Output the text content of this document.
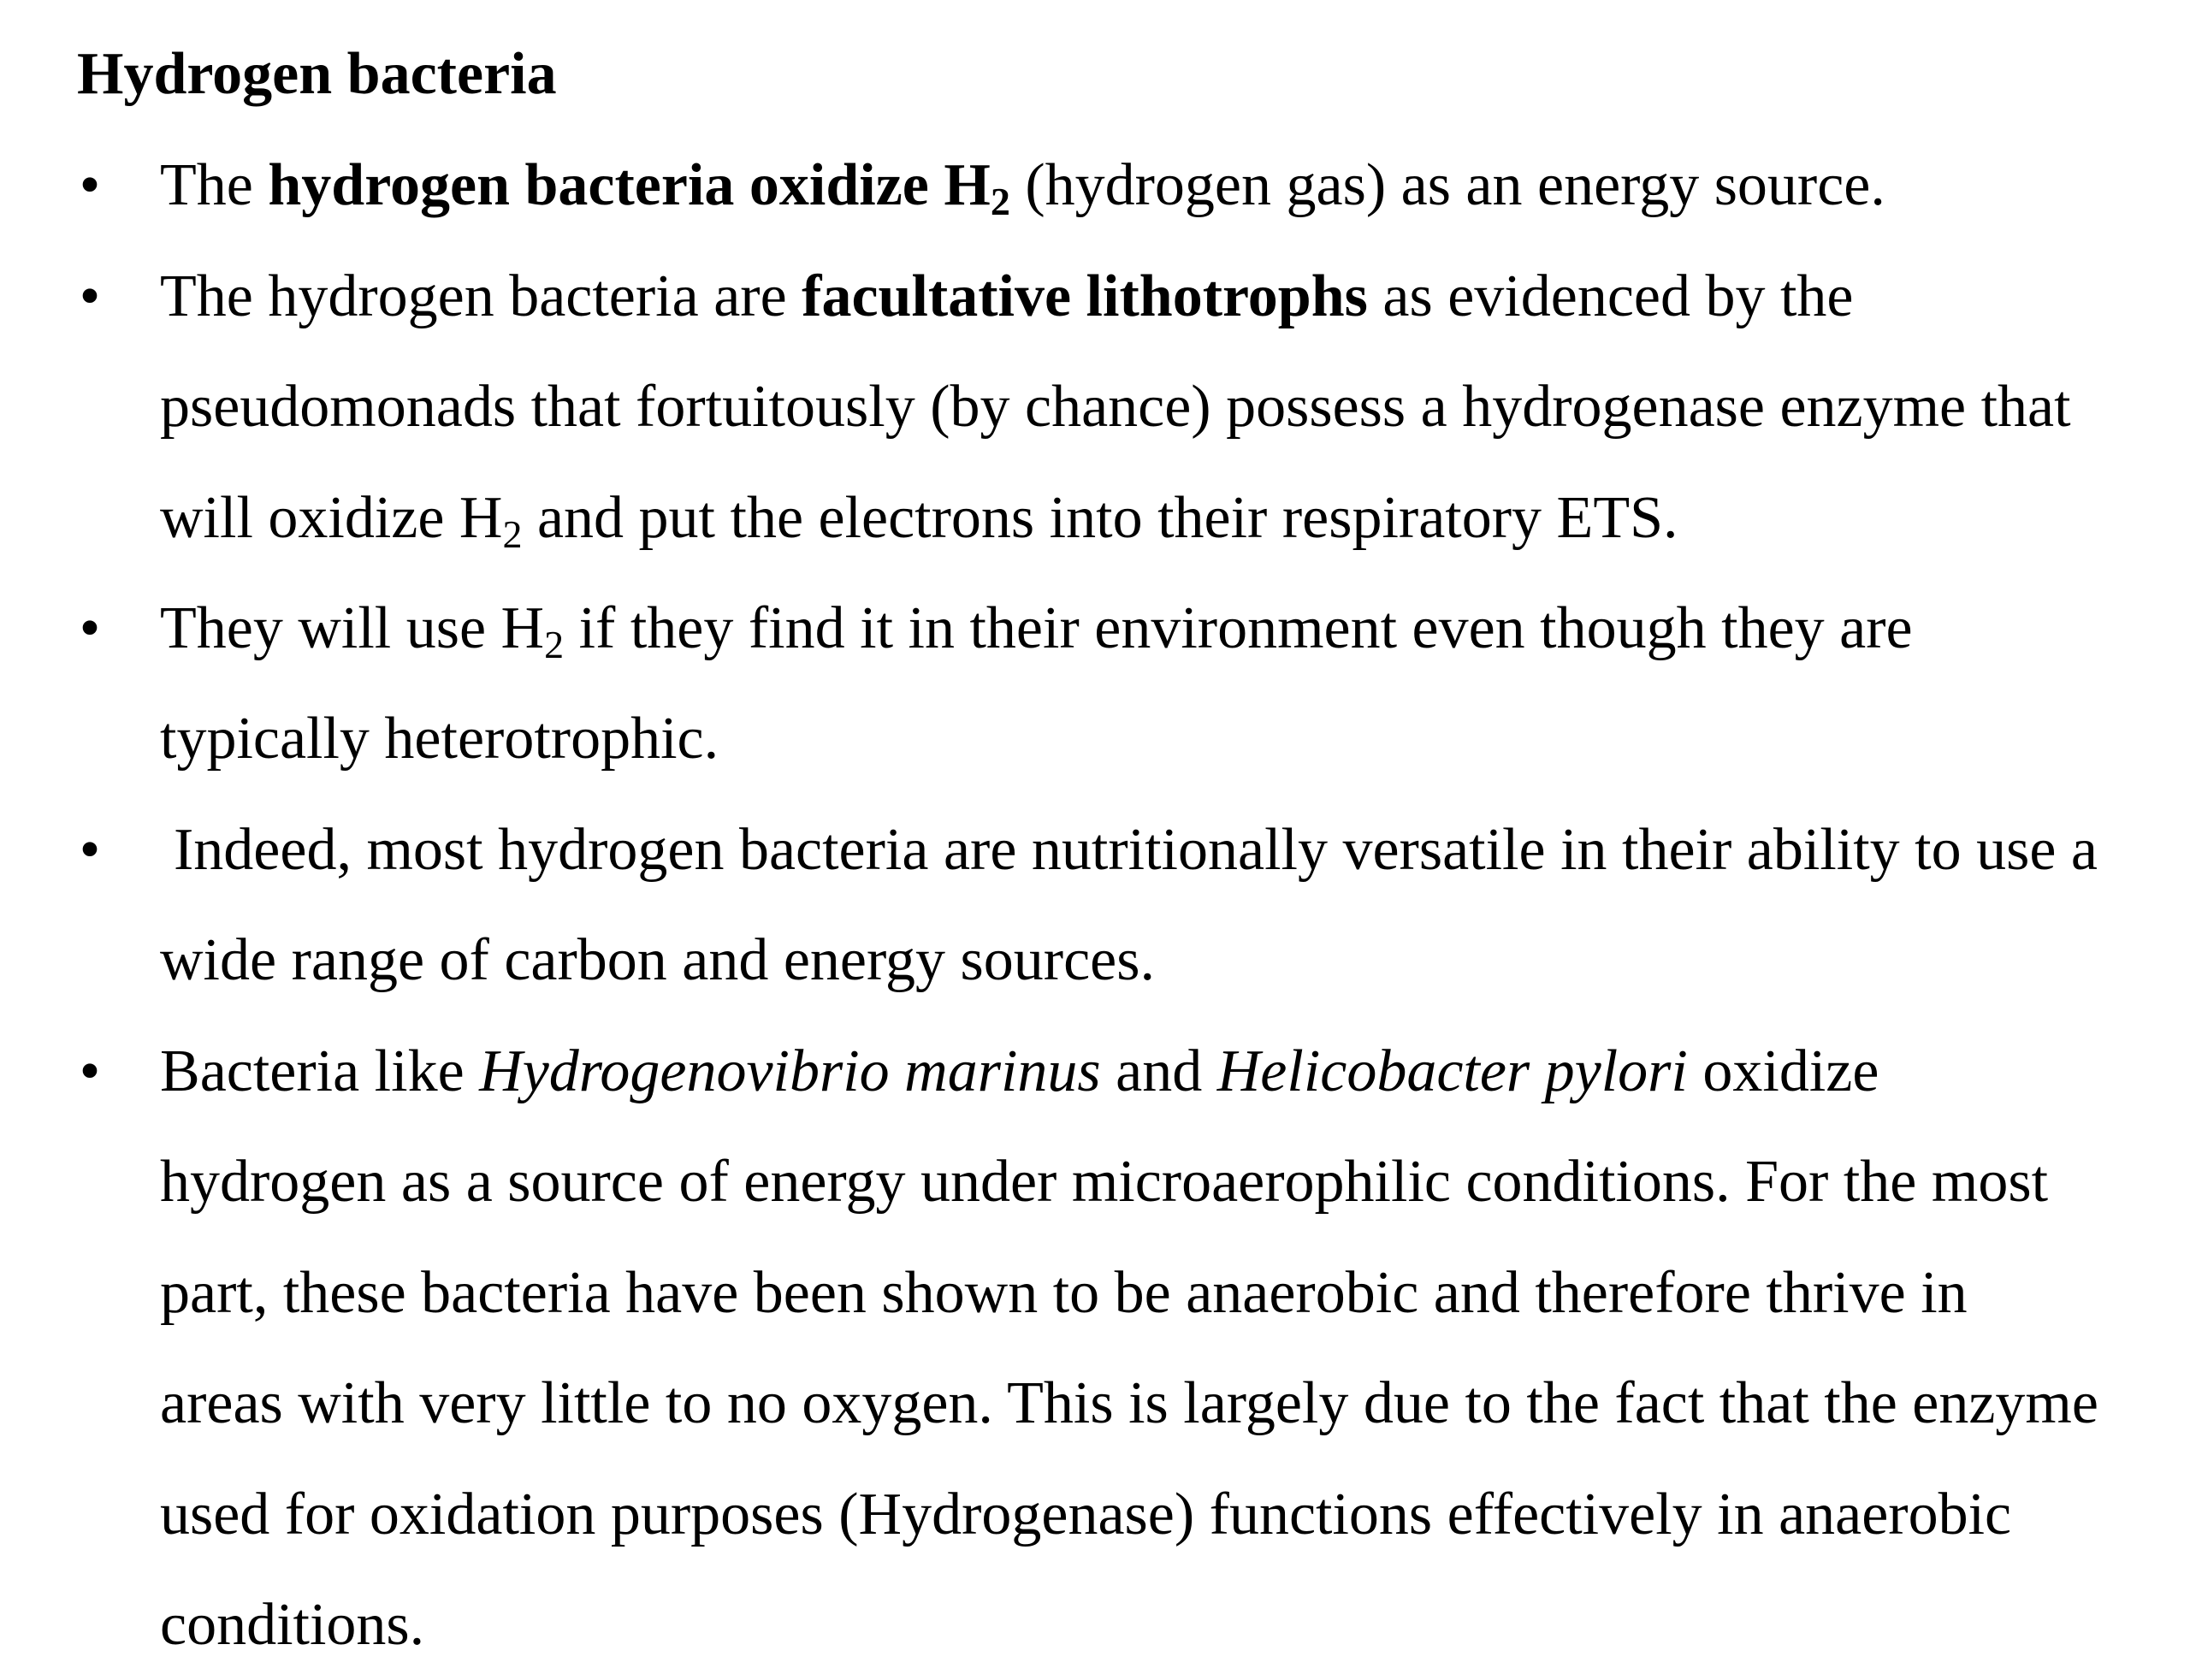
Hydrogen bacteria
• The hydrogen bacteria oxidize $H_2$ (hydrogen gas) as an energy source.

• The hydrogen bacteria are facultative lithotrophs as evidenced by the
pseudomonads that fortuitously (by chance) possess a hydrogenase enzyme that
will oxidize $H_2$ and put the electrons into their respiratory ETS.

• They will use $H_2$ if they find it in their environment even though they are
typically heterotrophic.

• Indeed, most hydrogen bacteria are nutritionally versatile in their ability to use a
wide range of carbon and energy sources.

• Bacteria like Hydrogenovibrio marinus and Helicobacter pylori oxidize
hydrogen as a source of energy under microaerophilic conditions. For the most
part, these bacteria have been shown to be anaerobic and therefore thrive in
areas with very little to no oxygen. This is largely due to the fact that the enzyme
used for oxidation purposes (Hydrogenase) functions effectively in anaerobic
conditions.
